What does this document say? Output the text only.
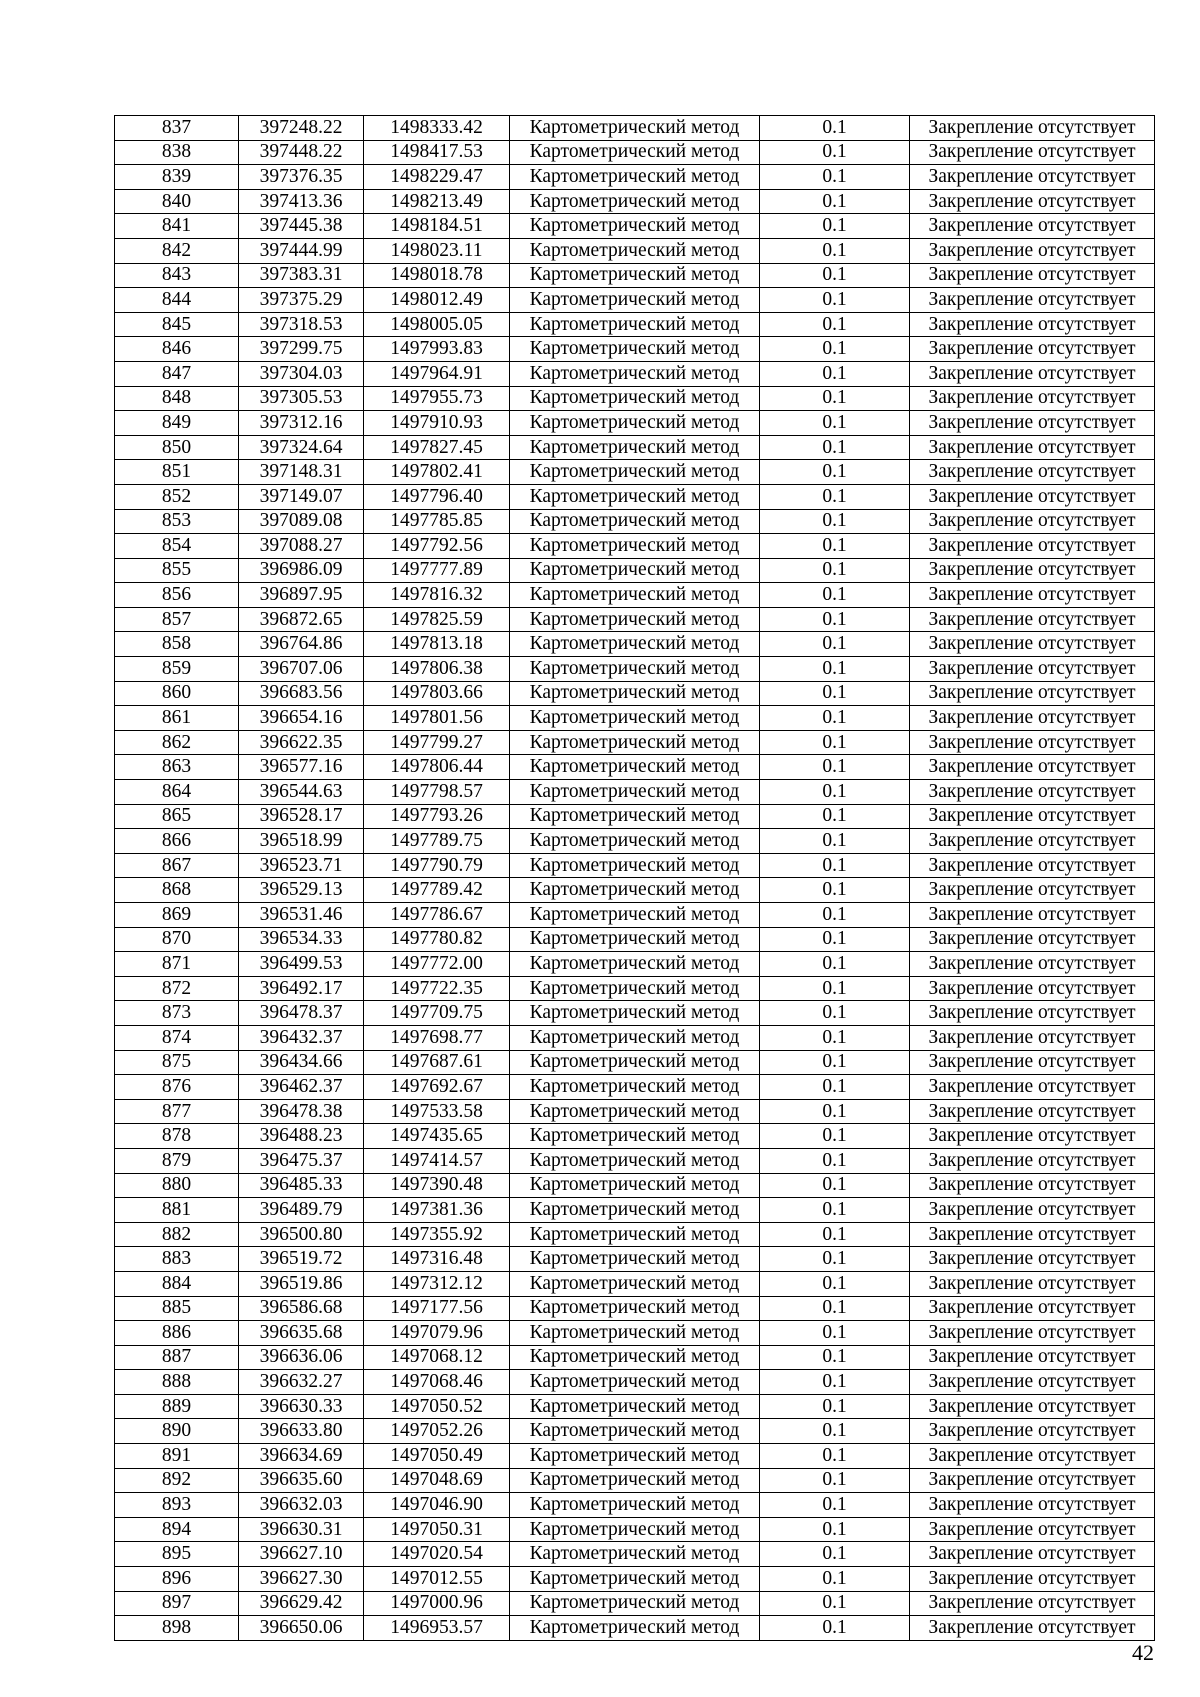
837	397248.22	1498333.42	Картометрический метод	0.1	Закрепление отсутствует
838	397448.22	1498417.53	Картометрический метод	0.1	Закрепление отсутствует
839	397376.35	1498229.47	Картометрический метод	0.1	Закрепление отсутствует
840	397413.36	1498213.49	Картометрический метод	0.1	Закрепление отсутствует
841	397445.38	1498184.51	Картометрический метод	0.1	Закрепление отсутствует
842	397444.99	1498023.11	Картометрический метод	0.1	Закрепление отсутствует
843	397383.31	1498018.78	Картометрический метод	0.1	Закрепление отсутствует
844	397375.29	1498012.49	Картометрический метод	0.1	Закрепление отсутствует
845	397318.53	1498005.05	Картометрический метод	0.1	Закрепление отсутствует
846	397299.75	1497993.83	Картометрический метод	0.1	Закрепление отсутствует
847	397304.03	1497964.91	Картометрический метод	0.1	Закрепление отсутствует
848	397305.53	1497955.73	Картометрический метод	0.1	Закрепление отсутствует
849	397312.16	1497910.93	Картометрический метод	0.1	Закрепление отсутствует
850	397324.64	1497827.45	Картометрический метод	0.1	Закрепление отсутствует
851	397148.31	1497802.41	Картометрический метод	0.1	Закрепление отсутствует
852	397149.07	1497796.40	Картометрический метод	0.1	Закрепление отсутствует
853	397089.08	1497785.85	Картометрический метод	0.1	Закрепление отсутствует
854	397088.27	1497792.56	Картометрический метод	0.1	Закрепление отсутствует
855	396986.09	1497777.89	Картометрический метод	0.1	Закрепление отсутствует
856	396897.95	1497816.32	Картометрический метод	0.1	Закрепление отсутствует
857	396872.65	1497825.59	Картометрический метод	0.1	Закрепление отсутствует
858	396764.86	1497813.18	Картометрический метод	0.1	Закрепление отсутствует
859	396707.06	1497806.38	Картометрический метод	0.1	Закрепление отсутствует
860	396683.56	1497803.66	Картометрический метод	0.1	Закрепление отсутствует
861	396654.16	1497801.56	Картометрический метод	0.1	Закрепление отсутствует
862	396622.35	1497799.27	Картометрический метод	0.1	Закрепление отсутствует
863	396577.16	1497806.44	Картометрический метод	0.1	Закрепление отсутствует
864	396544.63	1497798.57	Картометрический метод	0.1	Закрепление отсутствует
865	396528.17	1497793.26	Картометрический метод	0.1	Закрепление отсутствует
866	396518.99	1497789.75	Картометрический метод	0.1	Закрепление отсутствует
867	396523.71	1497790.79	Картометрический метод	0.1	Закрепление отсутствует
868	396529.13	1497789.42	Картометрический метод	0.1	Закрепление отсутствует
869	396531.46	1497786.67	Картометрический метод	0.1	Закрепление отсутствует
870	396534.33	1497780.82	Картометрический метод	0.1	Закрепление отсутствует
871	396499.53	1497772.00	Картометрический метод	0.1	Закрепление отсутствует
872	396492.17	1497722.35	Картометрический метод	0.1	Закрепление отсутствует
873	396478.37	1497709.75	Картометрический метод	0.1	Закрепление отсутствует
874	396432.37	1497698.77	Картометрический метод	0.1	Закрепление отсутствует
875	396434.66	1497687.61	Картометрический метод	0.1	Закрепление отсутствует
876	396462.37	1497692.67	Картометрический метод	0.1	Закрепление отсутствует
877	396478.38	1497533.58	Картометрический метод	0.1	Закрепление отсутствует
878	396488.23	1497435.65	Картометрический метод	0.1	Закрепление отсутствует
879	396475.37	1497414.57	Картометрический метод	0.1	Закрепление отсутствует
880	396485.33	1497390.48	Картометрический метод	0.1	Закрепление отсутствует
881	396489.79	1497381.36	Картометрический метод	0.1	Закрепление отсутствует
882	396500.80	1497355.92	Картометрический метод	0.1	Закрепление отсутствует
883	396519.72	1497316.48	Картометрический метод	0.1	Закрепление отсутствует
884	396519.86	1497312.12	Картометрический метод	0.1	Закрепление отсутствует
885	396586.68	1497177.56	Картометрический метод	0.1	Закрепление отсутствует
886	396635.68	1497079.96	Картометрический метод	0.1	Закрепление отсутствует
887	396636.06	1497068.12	Картометрический метод	0.1	Закрепление отсутствует
888	396632.27	1497068.46	Картометрический метод	0.1	Закрепление отсутствует
889	396630.33	1497050.52	Картометрический метод	0.1	Закрепление отсутствует
890	396633.80	1497052.26	Картометрический метод	0.1	Закрепление отсутствует
891	396634.69	1497050.49	Картометрический метод	0.1	Закрепление отсутствует
892	396635.60	1497048.69	Картометрический метод	0.1	Закрепление отсутствует
893	396632.03	1497046.90	Картометрический метод	0.1	Закрепление отсутствует
894	396630.31	1497050.31	Картометрический метод	0.1	Закрепление отсутствует
895	396627.10	1497020.54	Картометрический метод	0.1	Закрепление отсутствует
896	396627.30	1497012.55	Картометрический метод	0.1	Закрепление отсутствует
897	396629.42	1497000.96	Картометрический метод	0.1	Закрепление отсутствует
898	396650.06	1496953.57	Картометрический метод	0.1	Закрепление отсутствует
42
